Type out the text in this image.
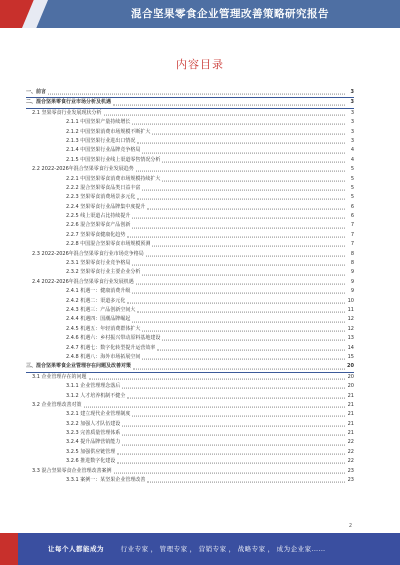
混合坚果零食企业管理改善策略研究报告
内容目录
一、前言	3
二、混合坚果零食行业市场分析及机遇	3
2.1 坚果零食行业发展现状分析	3
2.1.1 中国坚果产量持续增长	3
2.1.2 中国坚果消费市场规模不断扩大	3
2.1.3 中国坚果行业进出口情况	3
2.1.4 中国坚果行业品牌竞争格局	4
2.1.5 中国坚果行业线上渠道零售情况分析	4
2.2 2022-2026年混合坚果零食行业发展趋势	5
2.2.1 中国坚果零食消费市场规模持续扩大	5
2.2.2 混合坚果零食品类日益丰富	5
2.2.3 坚果零食消费场景多元化	5
2.2.4 坚果零食行业品牌集中度提升	6
2.2.5 线上渠道占比持续提升	6
2.2.6 混合坚果零食产品创新	7
2.2.7 坚果零食健康化趋势	7
2.2.8 中国混合坚果零食市场规模预测	7
2.3 2022-2026年混合坚果零食行业市场竞争格局	8
2.3.1 坚果零食行业竞争格局	8
2.3.2 坚果零食行业主要企业分析	9
2.4 2022-2026年混合坚果零食行业发展机遇	9
2.4.1 机遇一：健康消费升级	9
2.4.2 机遇二：渠道多元化	10
2.4.3 机遇三：产品创新空间大	11
2.4.4 机遇四：国潮品牌崛起	12
2.4.5 机遇五：年轻消费群体扩大	12
2.4.6 机遇六：乡村振兴带动原料基地建设	13
2.4.7 机遇七：数字化转型提升运营效率	14
2.4.8 机遇八：海外市场拓展空间	15
三、混合坚果零食企业管理存在问题及改善对策	20
3.1 企业管理存在的问题	20
3.1.1 企业管理理念落后	20
3.1.2 人才培养机制不健全	21
3.2 企业管理改善对策	21
3.2.1 建立现代企业管理制度	21
3.2.2 加强人才队伍建设	21
3.2.3 完善质量管理体系	21
3.2.4 提升品牌营销能力	22
3.2.5 加强供应链管理	22
3.2.6 推进数字化建设	22
3.3 混合坚果零食企业管理改善案例	23
3.3.1 案例一：某坚果企业管理改善	23
2
让每个人都能成为	行业专家 ， 管理专家 ， 营销专家 ， 战略专家 ， 成为企业家……
